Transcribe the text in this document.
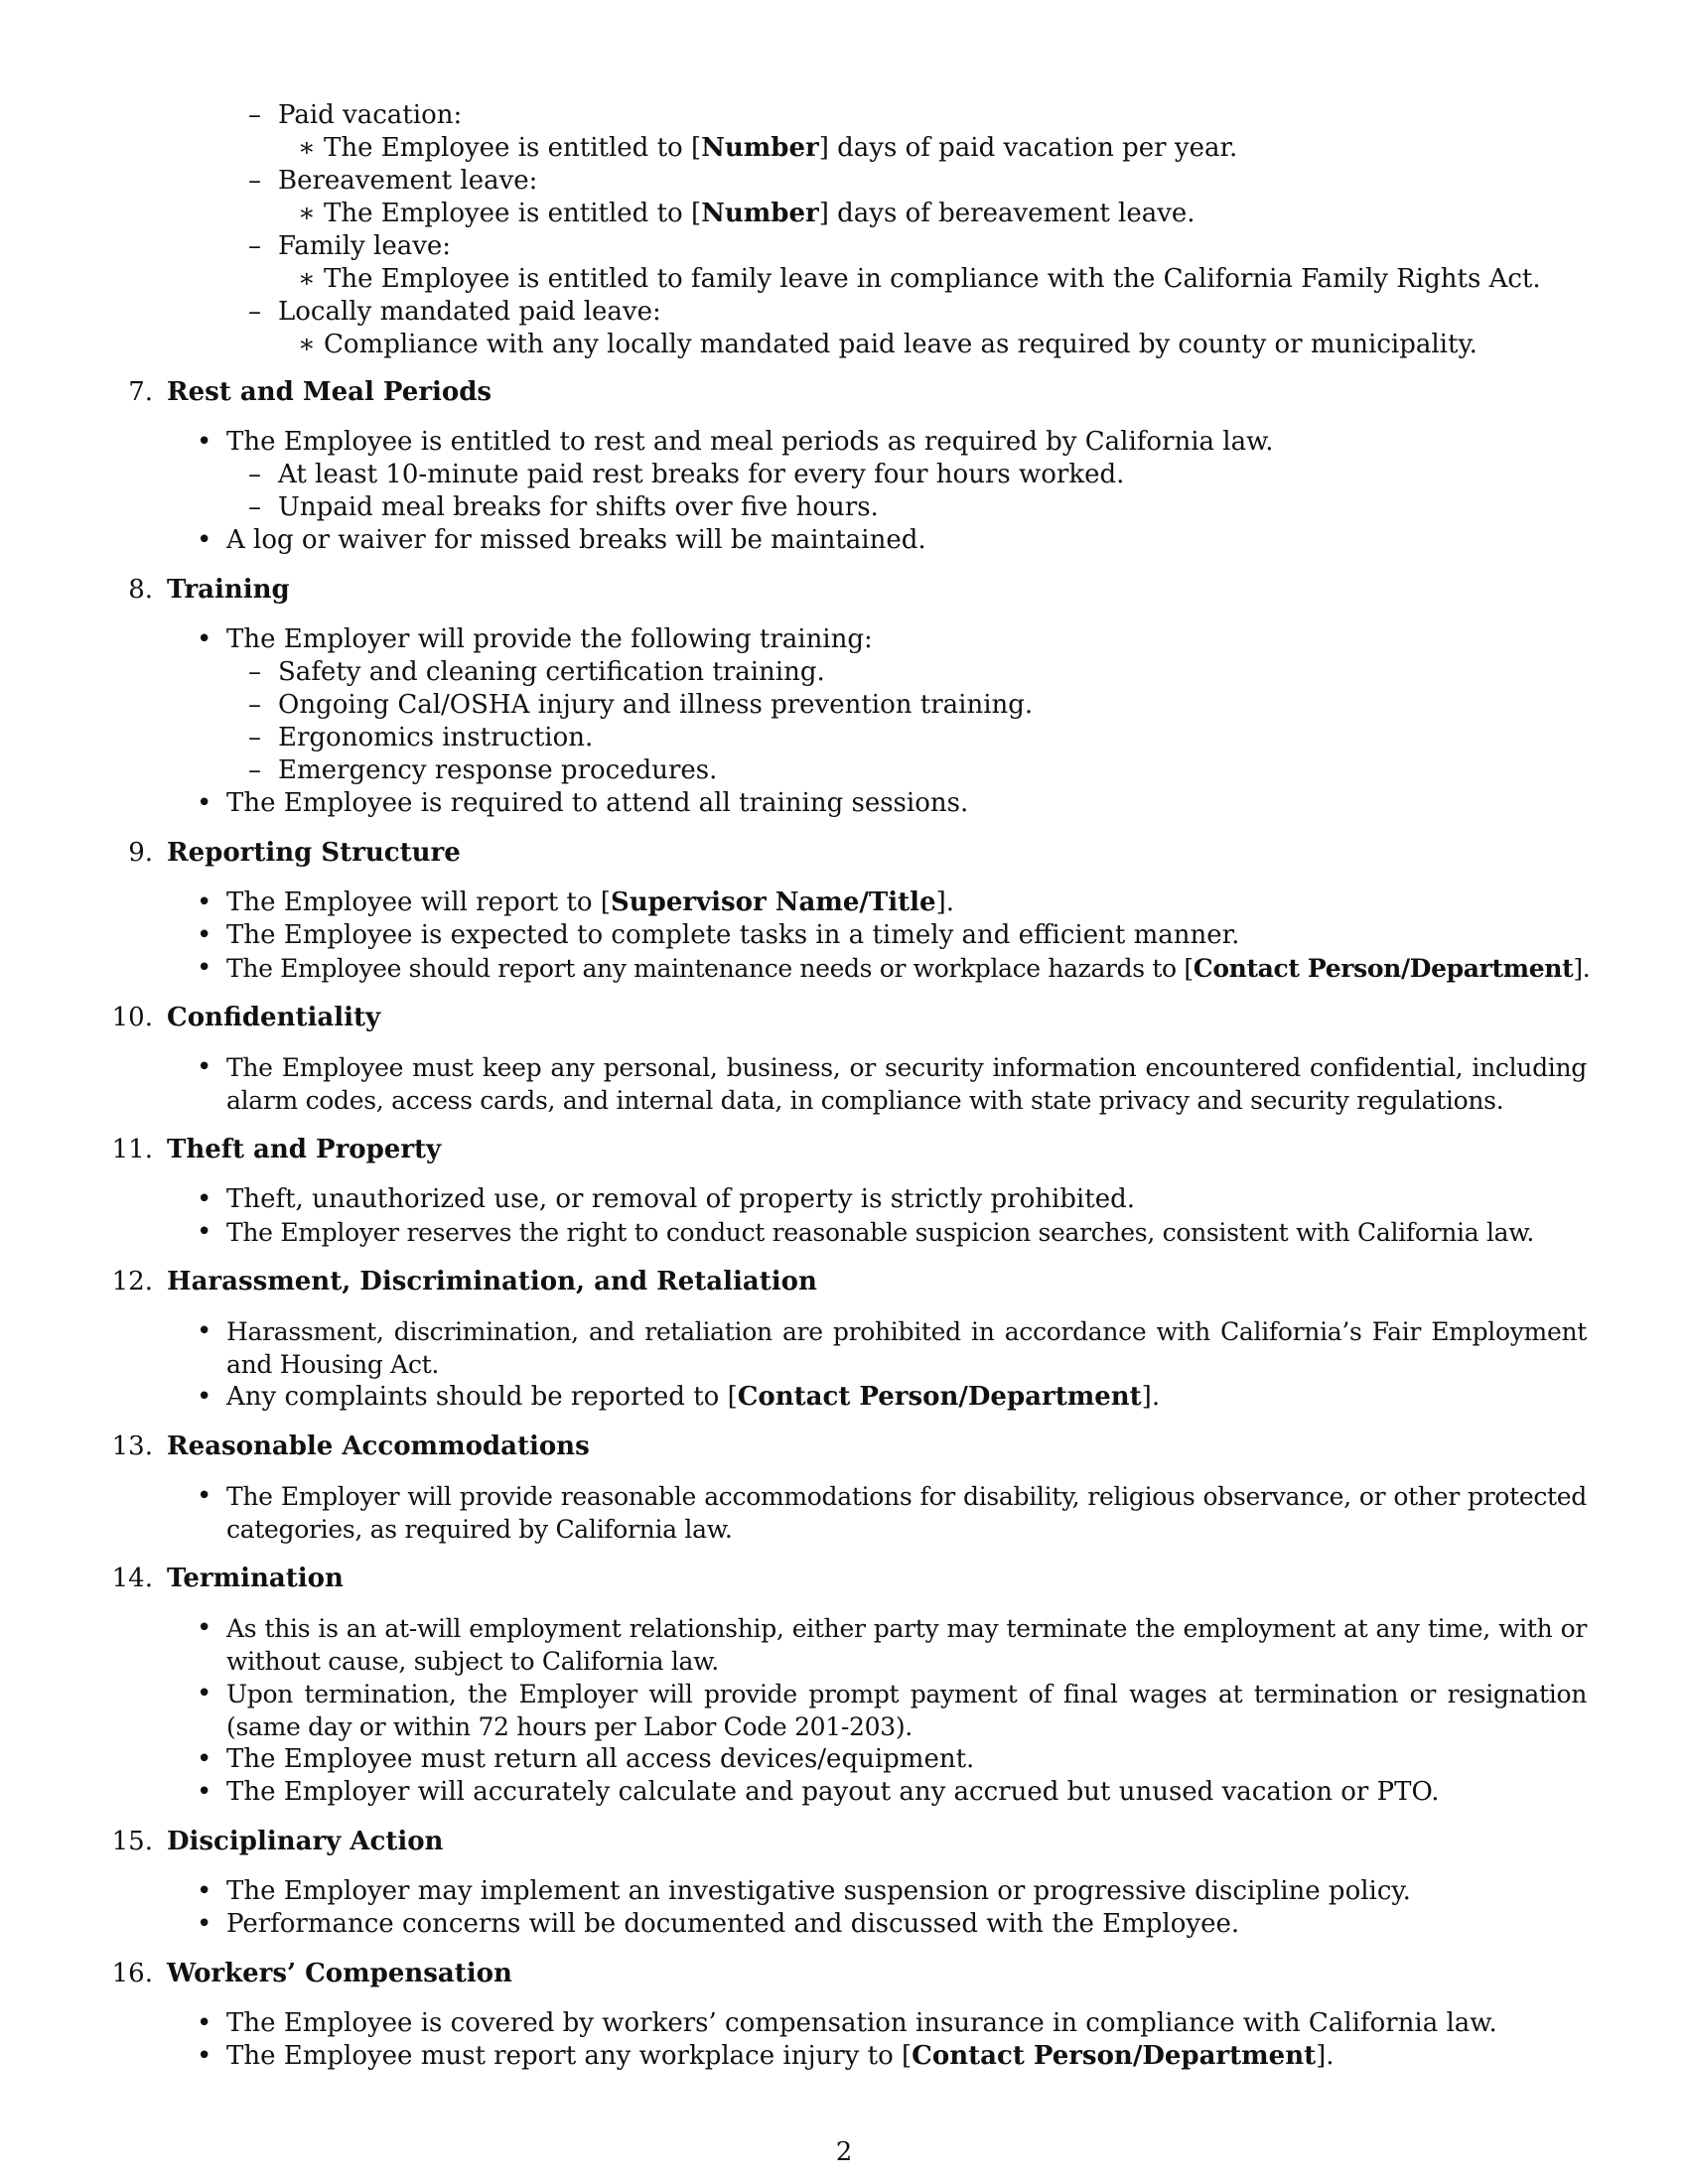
– Paid vacation:
∗ The Employee is entitled to [Number] days of paid vacation per year.
– Bereavement leave:
∗ The Employee is entitled to [Number] days of bereavement leave.
– Family leave:
∗ The Employee is entitled to family leave in compliance with the California Family Rights Act.
– Locally mandated paid leave:
∗ Compliance with any locally mandated paid leave as required by county or municipality.
7. Rest and Meal Periods
• The Employee is entitled to rest and meal periods as required by California law.
– At least 10-minute paid rest breaks for every four hours worked.
– Unpaid meal breaks for shifts over five hours.
• A log or waiver for missed breaks will be maintained.
8. Training
• The Employer will provide the following training:
– Safety and cleaning certification training.
– Ongoing Cal/OSHA injury and illness prevention training.
– Ergonomics instruction.
– Emergency response procedures.
• The Employee is required to attend all training sessions.
9. Reporting Structure
• The Employee will report to [Supervisor Name/Title].
• The Employee is expected to complete tasks in a timely and efficient manner.
• The Employee should report any maintenance needs or workplace hazards to [Contact Person/Department].
10. Confidentiality
• The Employee must keep any personal, business, or security information encountered confidential, including alarm codes, access cards, and internal data, in compliance with state privacy and security regulations.
11. Theft and Property
• Theft, unauthorized use, or removal of property is strictly prohibited.
• The Employer reserves the right to conduct reasonable suspicion searches, consistent with California law.
12. Harassment, Discrimination, and Retaliation
• Harassment, discrimination, and retaliation are prohibited in accordance with California’s Fair Employment and Housing Act.
• Any complaints should be reported to [Contact Person/Department].
13. Reasonable Accommodations
• The Employer will provide reasonable accommodations for disability, religious observance, or other protected categories, as required by California law.
14. Termination
• As this is an at-will employment relationship, either party may terminate the employment at any time, with or without cause, subject to California law.
• Upon termination, the Employer will provide prompt payment of final wages at termination or resignation (same day or within 72 hours per Labor Code 201-203).
• The Employee must return all access devices/equipment.
• The Employer will accurately calculate and payout any accrued but unused vacation or PTO.
15. Disciplinary Action
• The Employer may implement an investigative suspension or progressive discipline policy.
• Performance concerns will be documented and discussed with the Employee.
16. Workers’ Compensation
• The Employee is covered by workers’ compensation insurance in compliance with California law.
• The Employee must report any workplace injury to [Contact Person/Department].
2
